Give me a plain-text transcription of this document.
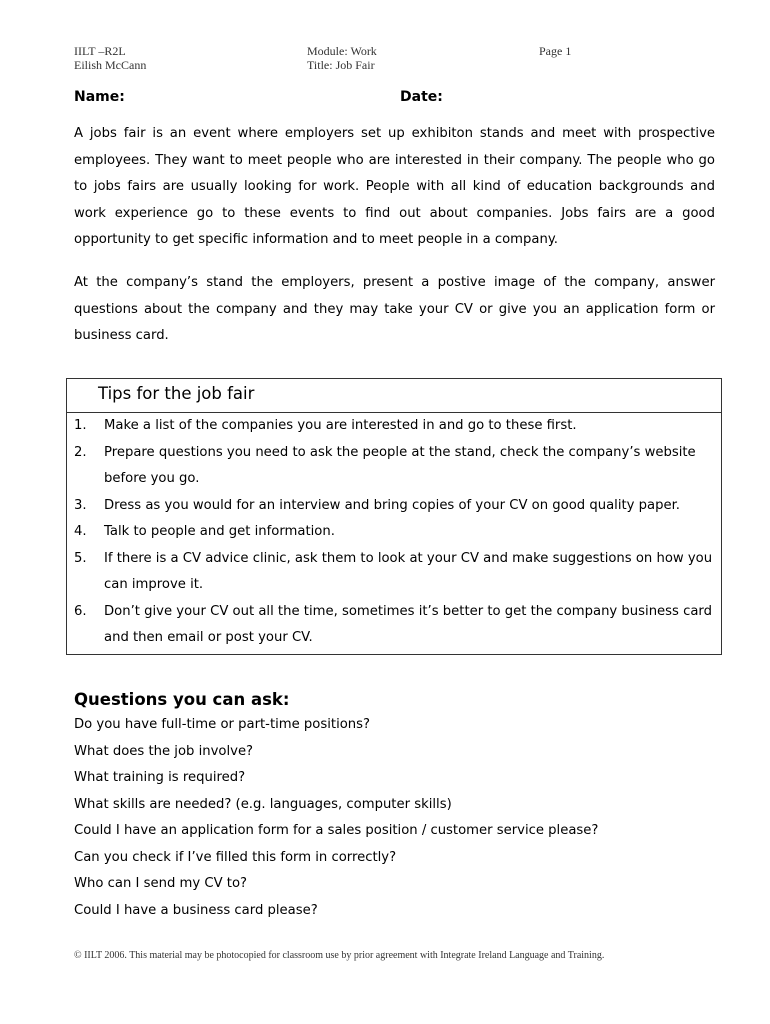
IILT –R2L
Eilish McCann
Module: Work
Title: Job Fair
Page 1
Name:	Date:
A jobs fair is an event where employers set up exhibiton stands and meet with prospective employees. They want to meet people who are interested in their company. The people who go to jobs fairs are usually looking for work. People with all kind of education backgrounds and work experience go to these events to find out about companies. Jobs fairs are a good opportunity to get specific information and to meet people in a company.
At the company’s stand the employers, present a postive image of the company, answer questions about the company and they may take your CV or give you an application form or business card.
Tips for the job fair
1.	Make a list of the companies you are interested in and go to these first.
2.	Prepare questions you need to ask the people at the stand, check the company’s website before you go.
3.	Dress as you would for an interview and bring copies of your CV on good quality paper.
4.	Talk to people and get information.
5.	If there is a CV advice clinic, ask them to look at your CV and make suggestions on how you can improve it.
6.	Don’t give your CV out all the time, sometimes it’s better to get the company business card and then email or post your CV.
Questions you can ask:
Do you have full-time or part-time positions?
What does the job involve?
What training is required?
What skills are needed? (e.g. languages, computer skills)
Could I have an application form for a sales position / customer service please?
Can you check if I’ve filled this form in correctly?
Who can I send my CV to?
Could I have a business card please?
© IILT 2006. This material may be photocopied for classroom use by prior agreement with Integrate Ireland Language and Training.
